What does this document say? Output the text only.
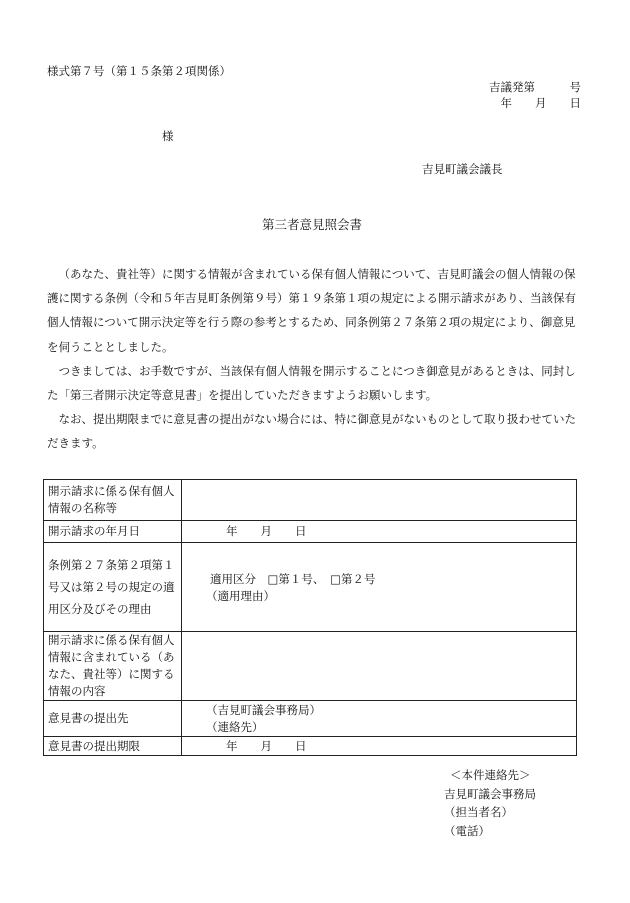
様式第７号（第１５条第２項関係）
吉議発第　　　号
年　　月　　日
様
吉見町議会議長
第三者意見照会書

（あなた、貴社等）に関する情報が含まれている保有個人情報について、吉見町議会の個人情報の保護に関する条例（令和５年吉見町条例第９号）第１９条第１項の規定による開示請求があり、当該保有個人情報について開示決定等を行う際の参考とするため、同条例第２７条第２項の規定により、御意見を伺うこととしました。

つきましては、お手数ですが、当該保有個人情報を開示することにつき御意見があるときは、同封した「第三者開示決定等意見書」を提出していただきますようお願いします。

なお、提出期限までに意見書の提出がない場合には、特に御意見がないものとして取り扱わせていただきます。

開示請求に係る保有個人情報の名称等	
開示請求の年月日	年　　月　　日
条例第２７条第２項第１号又は第２号の規定の適用区分及びその理由	適用区分　□第１号、　□第２号
（適用理由）

開示請求に係る保有個人情報に含まれている（あなた、貴社等）に関する情報の内容	
意見書の提出先	（吉見町議会事務局）
（連絡先）

意見書の提出期限	年　　月　　日
＜本件連絡先＞
吉見町議会事務局
（担当者名）
（電話）
